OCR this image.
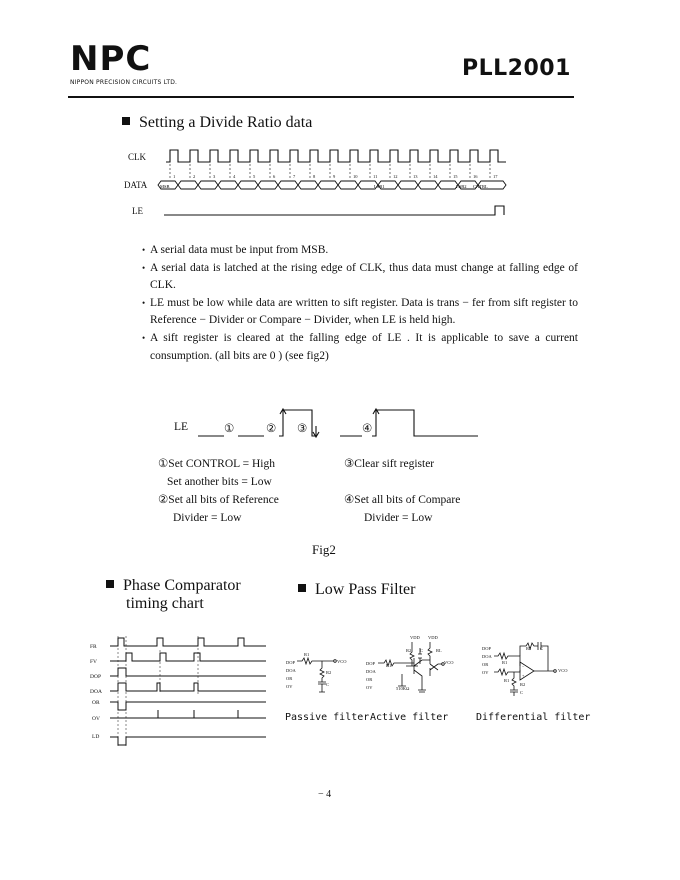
NPC
NIPPON PRECISION CIRCUITS LTD.
PLL2001
Setting a Divide Ratio data
CLK
DATA
LE
1	2	3	4	5	6	7	8	9	10	11	12	13	14	15	16	17
MSB	LSB1	LSB2 CNTRL
• A serial data must be input from MSB.
• A serial data is latched at the rising edge of CLK, thus data must change at falling edge of CLK.
• LE must be low while data are written to sift register. Data is trans − fer from sift register to Reference − Divider or Compare − Divider, when LE is held high.
• A sift register is cleared at the falling edge of LE . It is applicable to save a current consumption. (all bits are 0 ) (see fig2)
LE	①	② ③	④
①Set CONTROL = High
Set another bits = Low
②Set all bits of Reference
Divider = Low
③Clear sift register

④Set all bits of Compare
Divider = Low
Fig2
Phase Comparator
timing chart
Low Pass Filter
FR
FV
DOP
DOA
OR
OV
LD
DOP
DOA
OR
OV
R1
R2
C
VCO
VDD VDD
DOP
DOA
OR
OV
R1
R2 C	RL
VCO
510KΩ
DOP
DOA
OR
OV
R1
R1
R2
R2
C
C
VCO
−
+
Passive filter Active filter	Differential filter
− 4
